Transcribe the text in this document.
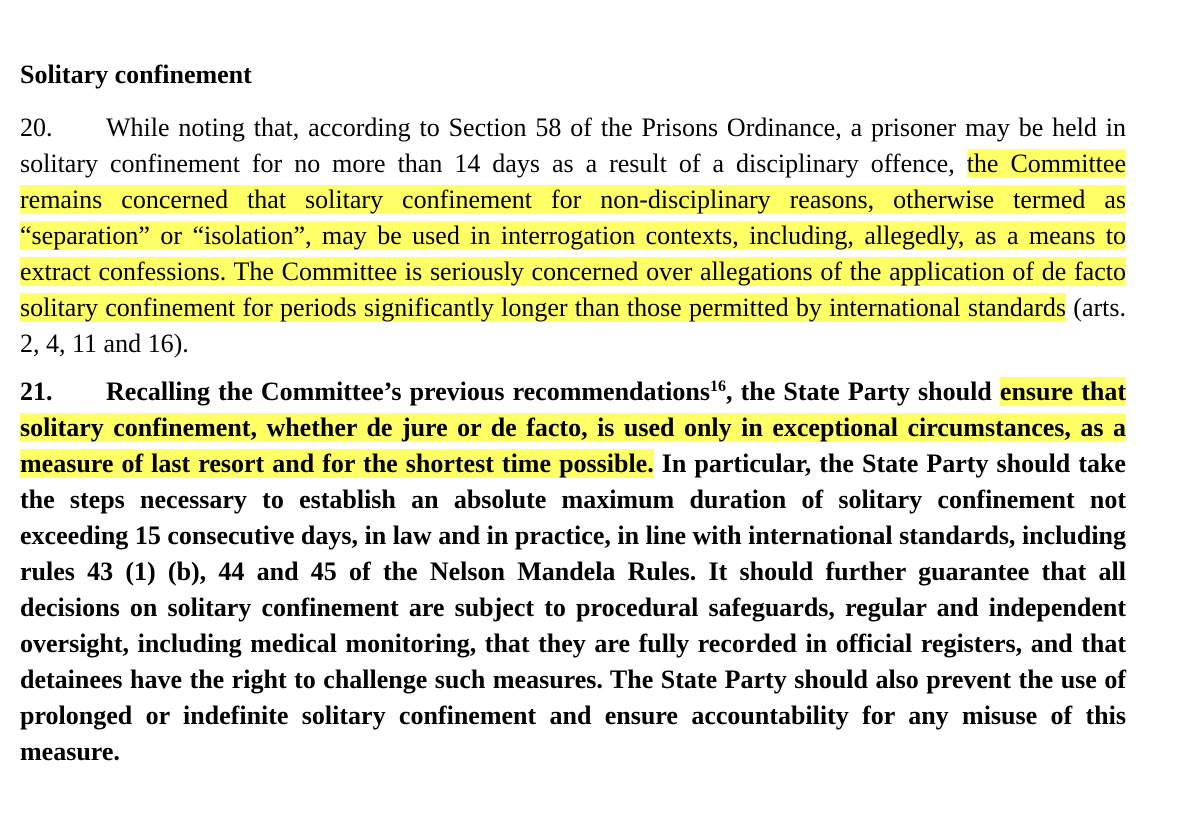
Solitary confinement

20. While noting that, according to Section 58 of the Prisons Ordinance, a prisoner may be held in solitary confinement for no more than 14 days as a result of a disciplinary offence, the Committee remains concerned that solitary confinement for non-disciplinary reasons, otherwise termed as “separation” or “isolation”, may be used in interrogation contexts, including, allegedly, as a means to extract confessions. The Committee is seriously concerned over allegations of the application of de facto solitary confinement for periods significantly longer than those permitted by international standards (arts. 2, 4, 11 and 16).

21. Recalling the Committee’s previous recommendations$^{16}$, the State Party should ensure that solitary confinement, whether de jure or de facto, is used only in exceptional circumstances, as a measure of last resort and for the shortest time possible. In particular, the State Party should take the steps necessary to establish an absolute maximum duration of solitary confinement not exceeding 15 consecutive days, in law and in practice, in line with international standards, including rules 43 (1) (b), 44 and 45 of the Nelson Mandela Rules. It should further guarantee that all decisions on solitary confinement are subject to procedural safeguards, regular and independent oversight, including medical monitoring, that they are fully recorded in official registers, and that detainees have the right to challenge such measures. The State Party should also prevent the use of prolonged or indefinite solitary confinement and ensure accountability for any misuse of this measure.
